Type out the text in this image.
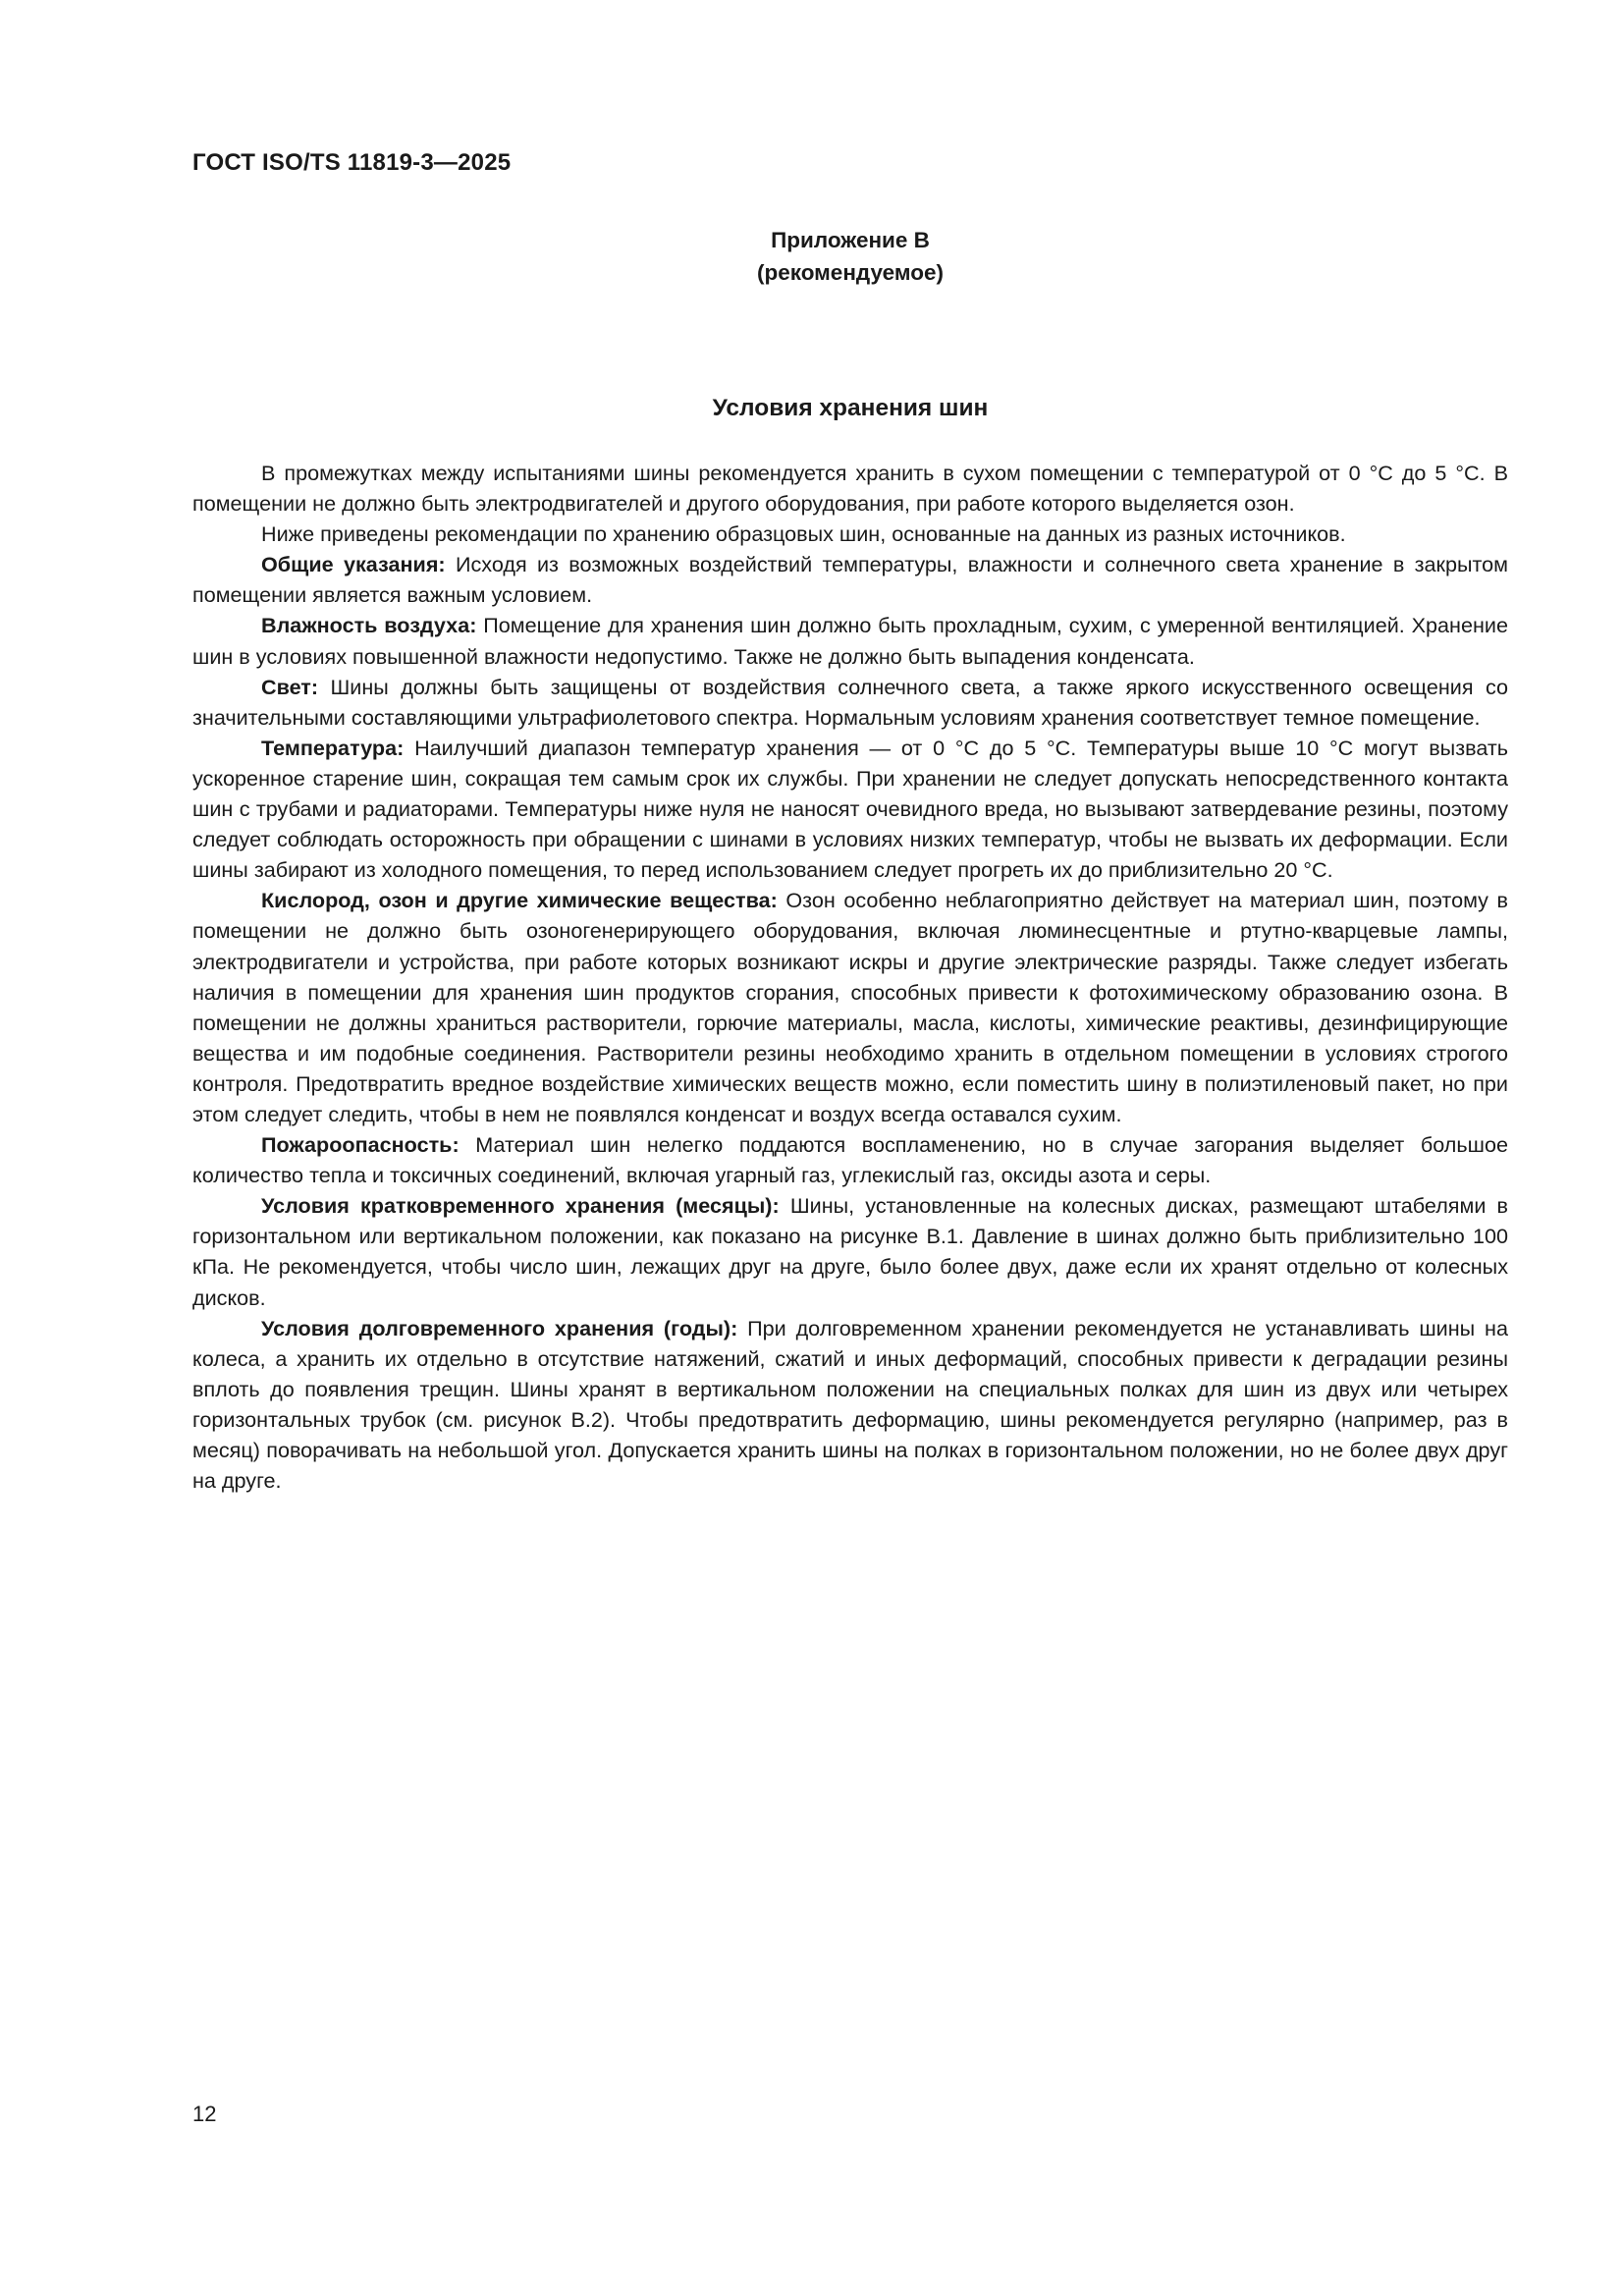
ГОСТ ISO/TS 11819-3—2025
Приложение В
(рекомендуемое)
Условия хранения шин

В промежутках между испытаниями шины рекомендуется хранить в сухом помещении с температурой от 0 °С до 5 °С. В помещении не должно быть электродвигателей и другого оборудования, при работе которого выделяется озон.

Ниже приведены рекомендации по хранению образцовых шин, основанные на данных из разных источников.

Общие указания: Исходя из возможных воздействий температуры, влажности и солнечного света хранение в закрытом помещении является важным условием.

Влажность воздуха: Помещение для хранения шин должно быть прохладным, сухим, с умеренной вентиляцией. Хранение шин в условиях повышенной влажности недопустимо. Также не должно быть выпадения конденсата.

Свет: Шины должны быть защищены от воздействия солнечного света, а также яркого искусственного освещения со значительными составляющими ультрафиолетового спектра. Нормальным условиям хранения соответствует темное помещение.

Температура: Наилучший диапазон температур хранения — от 0 °С до 5 °С. Температуры выше 10 °С могут вызвать ускоренное старение шин, сокращая тем самым срок их службы. При хранении не следует допускать непосредственного контакта шин с трубами и радиаторами. Температуры ниже нуля не наносят очевидного вреда, но вызывают затвердевание резины, поэтому следует соблюдать осторожность при обращении с шинами в условиях низких температур, чтобы не вызвать их деформации. Если шины забирают из холодного помещения, то перед использованием следует прогреть их до приблизительно 20 °С.

Кислород, озон и другие химические вещества: Озон особенно неблагоприятно действует на материал шин, поэтому в помещении не должно быть озоногенерирующего оборудования, включая люминесцентные и ртутно-кварцевые лампы, электродвигатели и устройства, при работе которых возникают искры и другие электрические разряды. Также следует избегать наличия в помещении для хранения шин продуктов сгорания, способных привести к фотохимическому образованию озона. В помещении не должны храниться растворители, горючие материалы, масла, кислоты, химические реактивы, дезинфицирующие вещества и им подобные соединения. Растворители резины необходимо хранить в отдельном помещении в условиях строгого контроля. Предотвратить вредное воздействие химических веществ можно, если поместить шину в полиэтиленовый пакет, но при этом следует следить, чтобы в нем не появлялся конденсат и воздух всегда оставался сухим.

Пожароопасность: Материал шин нелегко поддаются воспламенению, но в случае загорания выделяет большое количество тепла и токсичных соединений, включая угарный газ, углекислый газ, оксиды азота и серы.

Условия кратковременного хранения (месяцы): Шины, установленные на колесных дисках, размещают штабелями в горизонтальном или вертикальном положении, как показано на рисунке В.1. Давление в шинах должно быть приблизительно 100 кПа. Не рекомендуется, чтобы число шин, лежащих друг на друге, было более двух, даже если их хранят отдельно от колесных дисков.

Условия долговременного хранения (годы): При долговременном хранении рекомендуется не устанавливать шины на колеса, а хранить их отдельно в отсутствие натяжений, сжатий и иных деформаций, способных привести к деградации резины вплоть до появления трещин. Шины хранят в вертикальном положении на специальных полках для шин из двух или четырех горизонтальных трубок (см. рисунок В.2). Чтобы предотвратить деформацию, шины рекомендуется регулярно (например, раз в месяц) поворачивать на небольшой угол. Допускается хранить шины на полках в горизонтальном положении, но не более двух друг на друге.

12
